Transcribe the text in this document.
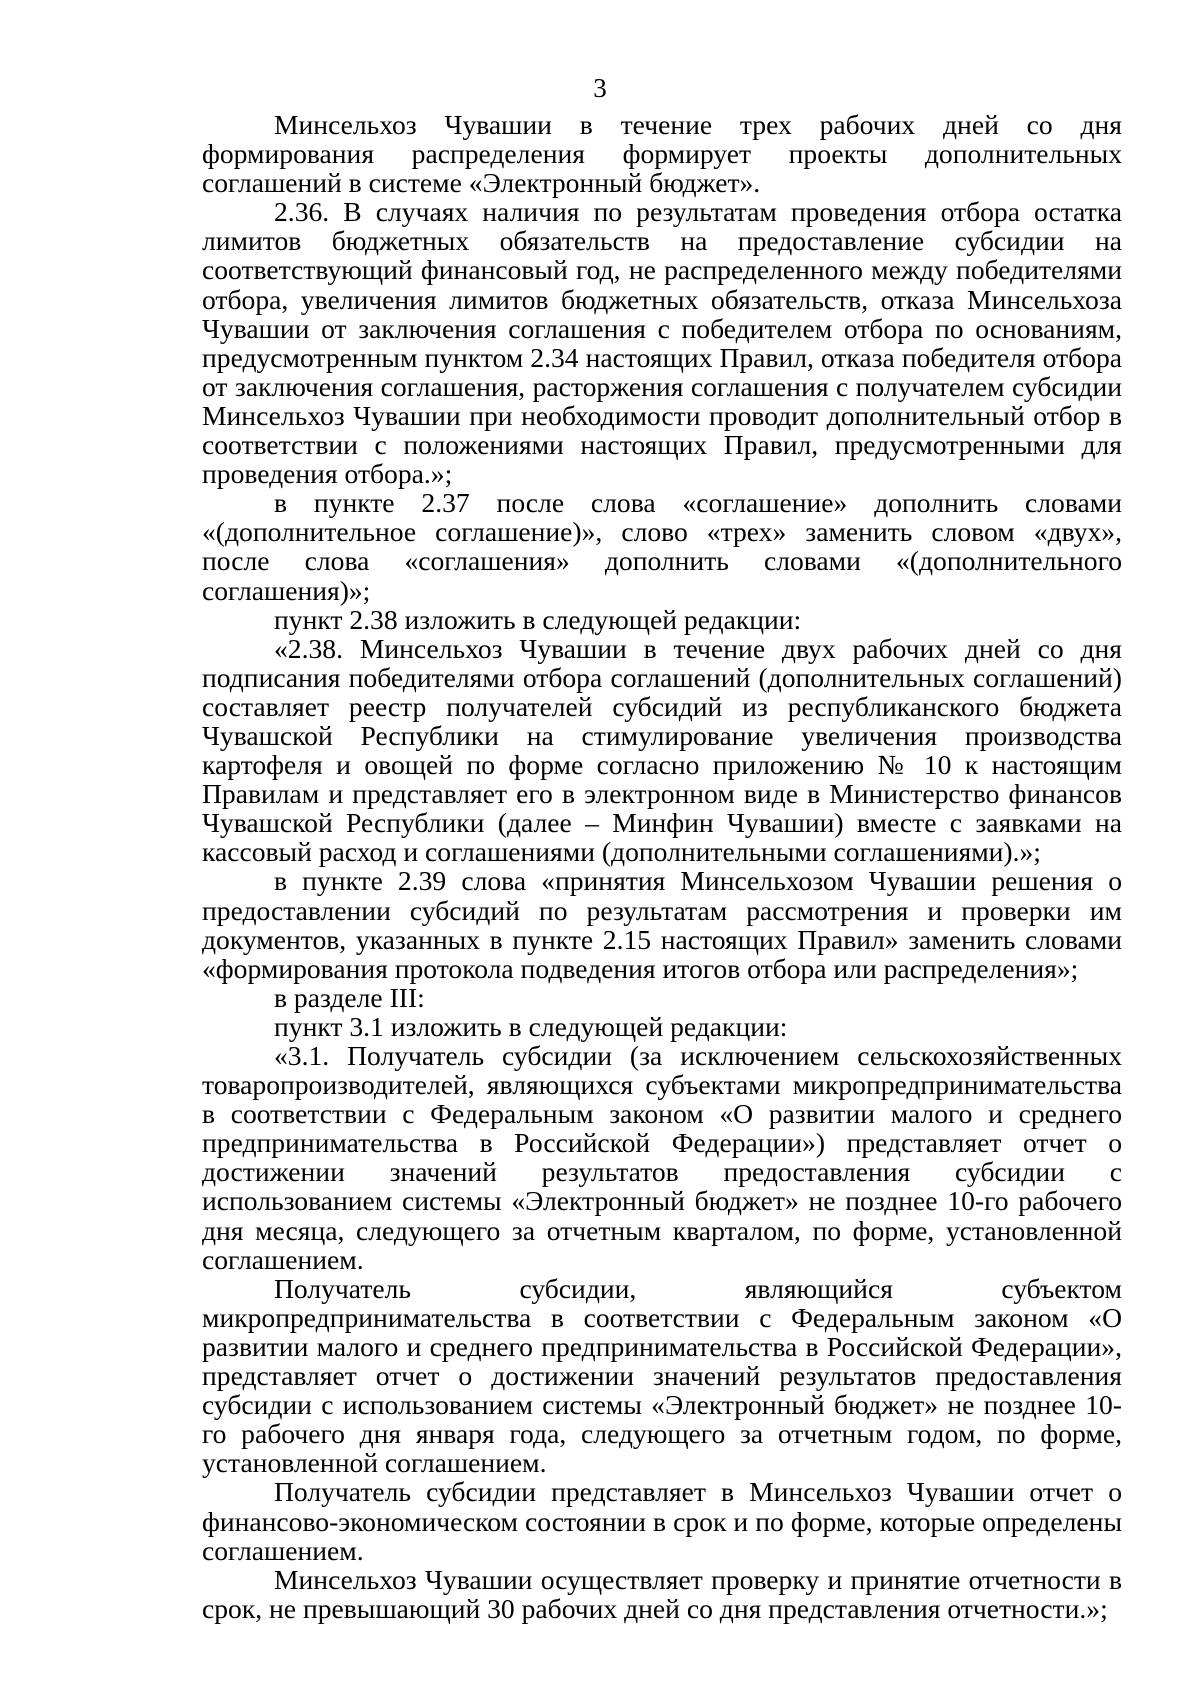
3

Минсельхоз Чувашии в течение трех рабочих дней со дня формирования распределения формирует проекты дополнительных соглашений в системе «Электронный бюджет».

2.36. В случаях наличия по результатам проведения отбора остатка лимитов бюджетных обязательств на предоставление субсидии на соответствующий финансовый год, не распределенного между победителями отбора, увеличения лимитов бюджетных обязательств, отказа Минсельхоза Чувашии от заключения соглашения с победителем отбора по основаниям, предусмотренным пунктом 2.34 настоящих Правил, отказа победителя отбора от заключения соглашения, расторжения соглашения с получателем субсидии Минсельхоз Чувашии при необходимости проводит дополнительный отбор в соответствии с положениями настоящих Правил, предусмотренными для проведения отбора.»;

в пункте 2.37 после слова «соглашение» дополнить словами «(дополнительное соглашение)», слово «трех» заменить словом «двух», после слова «соглашения» дополнить словами «(дополнительного соглашения)»;

пункт 2.38 изложить в следующей редакции:

«2.38. Минсельхоз Чувашии в течение двух рабочих дней со дня подписания победителями отбора соглашений (дополнительных соглашений) составляет реестр получателей субсидий из республиканского бюджета Чувашской Республики на стимулирование увеличения производства картофеля и овощей по форме согласно приложению № 10 к настоящим Правилам и представляет его в электронном виде в Министерство финансов Чувашской Республики (далее – Минфин Чувашии) вместе с заявками на кассовый расход и соглашениями (дополнительными соглашениями).»;

в пункте 2.39 слова «принятия Минсельхозом Чувашии решения о предоставлении субсидий по результатам рассмотрения и проверки им документов, указанных в пункте 2.15 настоящих Правил» заменить словами «формирования протокола подведения итогов отбора или распределения»;

в разделе III:

пункт 3.1 изложить в следующей редакции:

«3.1. Получатель субсидии (за исключением сельскохозяйственных товаропроизводителей, являющихся субъектами микропредпринимательства в соответствии с Федеральным законом «О развитии малого и среднего предпринимательства в Российской Федерации») представляет отчет о достижении значений результатов предоставления субсидии с использованием системы «Электронный бюджет» не позднее 10-го рабочего дня месяца, следующего за отчетным кварталом, по форме, установленной соглашением.

Получатель субсидии, являющийся субъектом микропредпринимательства в соответствии с Федеральным законом «О развитии малого и среднего предпринимательства в Российской Федерации», представляет отчет о достижении значений результатов предоставления субсидии с использованием системы «Электронный бюджет» не позднее 10-го рабочего дня января года, следующего за отчетным годом, по форме, установленной соглашением.

Получатель субсидии представляет в Минсельхоз Чувашии отчет о финансово-экономическом состоянии в срок и по форме, которые определены соглашением.

Минсельхоз Чувашии осуществляет проверку и принятие отчетности в срок, не превышающий 30 рабочих дней со дня представления отчетности.»;
